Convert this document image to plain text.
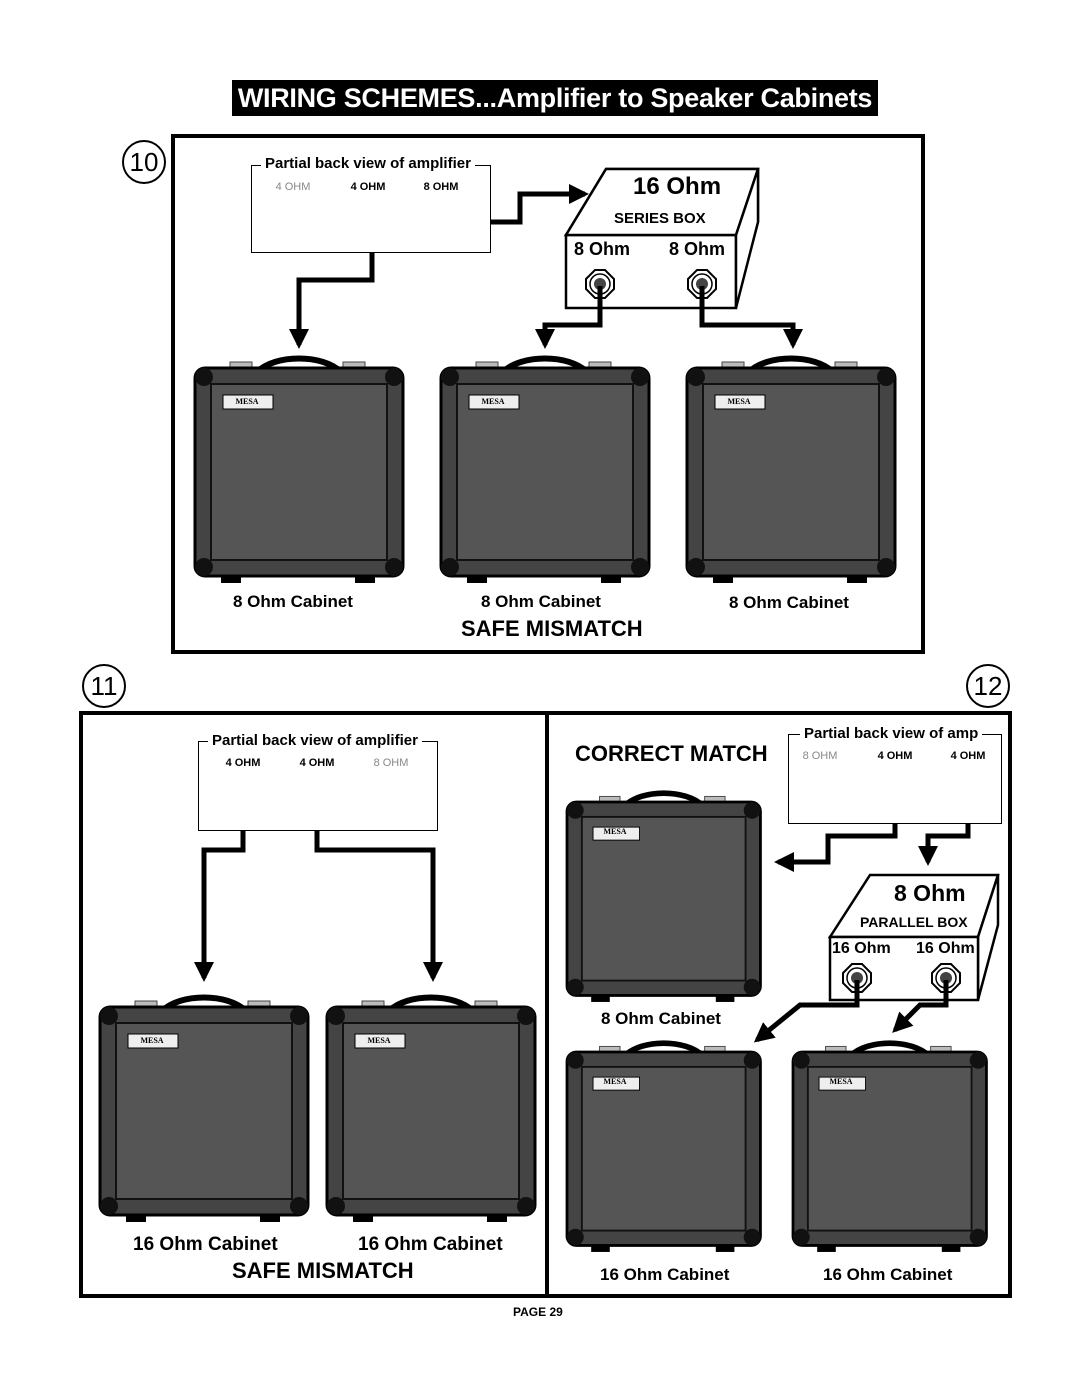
WIRING SCHEMES...Amplifier to Speaker Cabinets
10
11	12
Partial back view of amplifier
4 OHM	4 OHM	8 OHM	16 Ohm
SERIES BOX
8 Ohm 8 Ohm
MESA	MESA	MESA
8 Ohm Cabinet	8 Ohm Cabinet	8 Ohm Cabinet
SAFE MISMATCH
Partial back view of amplifier
4 OHM	4 OHM	8 OHM
MESA	MESA
16 Ohm Cabinet	16 Ohm Cabinet
SAFE MISMATCH
CORRECT MATCH
Partial back view of amp
8 OHM	4 OHM	4 OHM
8 Ohm
PARALLEL BOX
16 Ohm 16 Ohm
MESA
MESA	MESA
8 Ohm Cabinet
16 Ohm Cabinet	16 Ohm Cabinet
PAGE 29
